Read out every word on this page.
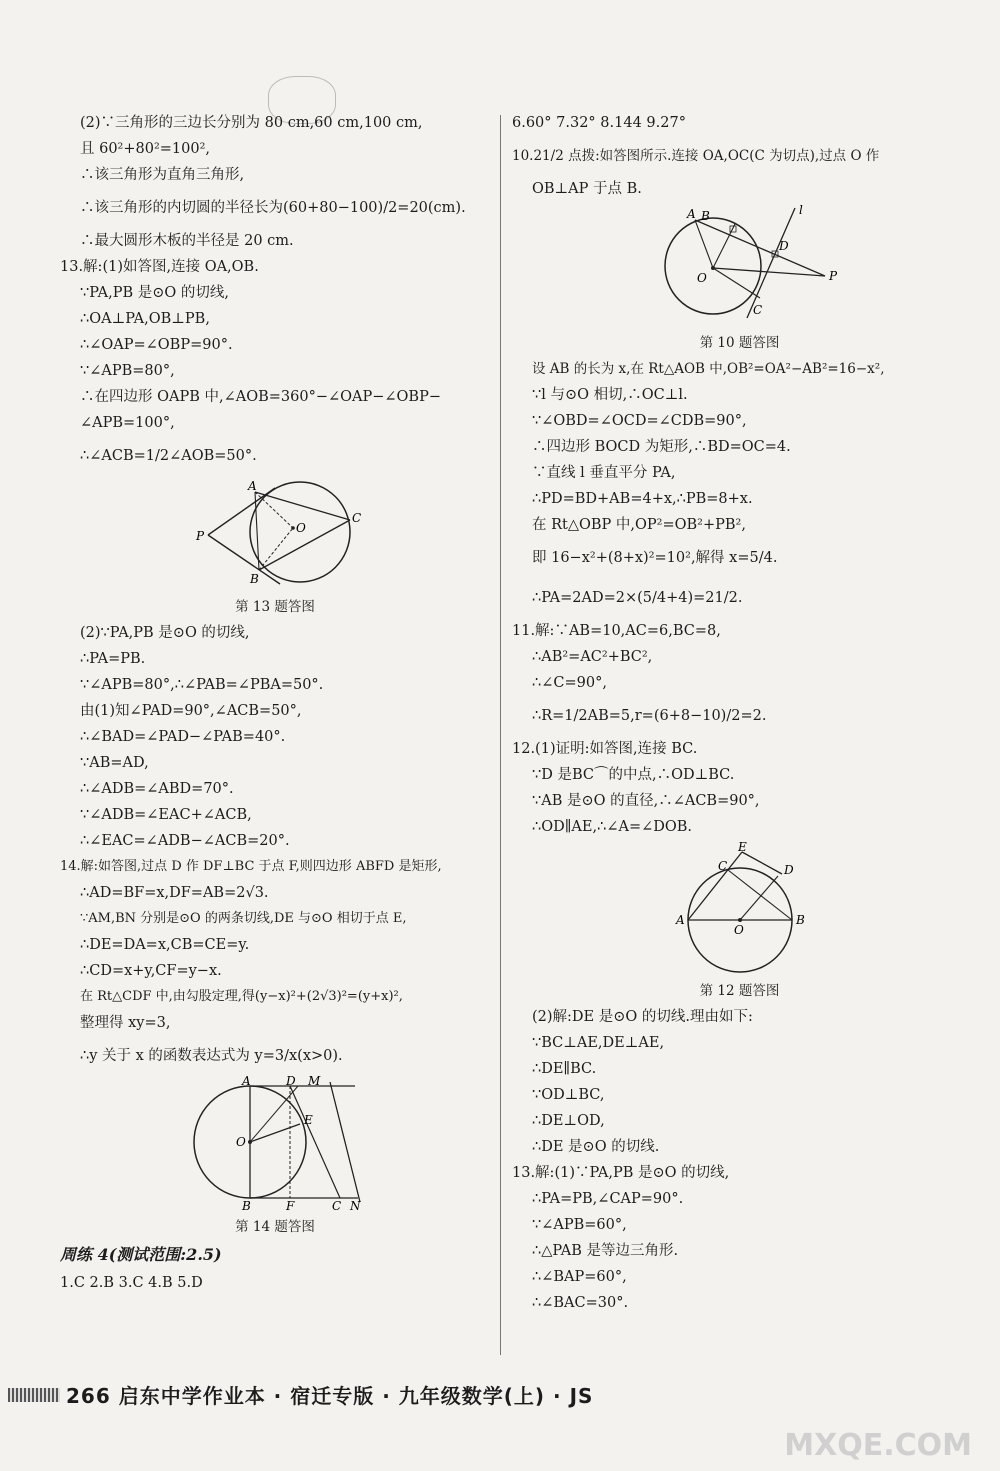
(2)∵三角形的三边长分别为 80 cm,60 cm,100 cm,
且 60²+80²=100²,
∴该三角形为直角三角形,
∴该三角形的内切圆的半径长为(60+80−100)/2=20(cm).
∴最大圆形木板的半径是 20 cm.
13.解:(1)如答图,连接 OA,OB.
∵PA,PB 是⊙O 的切线,
∴OA⊥PA,OB⊥PB,
∴∠OAP=∠OBP=90°.
∵∠APB=80°,
∴在四边形 OAPB 中,∠AOB=360°−∠OAP−∠OBP−
∠APB=100°,
∴∠ACB=1/2∠AOB=50°.
P
A
B
O
C
第 13 题答图
(2)∵PA,PB 是⊙O 的切线,
∴PA=PB.
∵∠APB=80°,∴∠PAB=∠PBA=50°.
由(1)知∠PAD=90°,∠ACB=50°,
∴∠BAD=∠PAD−∠PAB=40°.
∵AB=AD,
∴∠ADB=∠ABD=70°.
∵∠ADB=∠EAC+∠ACB,
∴∠EAC=∠ADB−∠ACB=20°.
14.解:如答图,过点 D 作 DF⊥BC 于点 F,则四边形 ABFD 是矩形,
∴AD=BF=x,DF=AB=2√3.
∵AM,BN 分别是⊙O 的两条切线,DE 与⊙O 相切于点 E,
∴DE=DA=x,CB=CE=y.
∴CD=x+y,CF=y−x.
在 Rt△CDF 中,由勾股定理,得(y−x)²+(2√3)²=(y+x)²,
整理得 xy=3,
∴y 关于 x 的函数表达式为 y=3/x(x>0).
A	D M
E
O
B	F	C N
第 14 题答图
周练 4(测试范围:2.5)
1.C 2.B 3.C 4.B 5.D
6.60° 7.32° 8.144 9.27°
10.21/2 点拨:如答图所示.连接 OA,OC(C 为切点),过点 O 作
OB⊥AP 于点 B.
A B	l
D
P
O
C
第 10 题答图
设 AB 的长为 x,在 Rt△AOB 中,OB²=OA²−AB²=16−x²,
∵l 与⊙O 相切,∴OC⊥l.
∵∠OBD=∠OCD=∠CDB=90°,
∴四边形 BOCD 为矩形,∴BD=OC=4.
∵直线 l 垂直平分 PA,
∴PD=BD+AB=4+x,∴PB=8+x.
在 Rt△OBP 中,OP²=OB²+PB²,
即 16−x²+(8+x)²=10²,解得 x=5/4.
∴PA=2AD=2×(5/4+4)=21/2.
11.解:∵AB=10,AC=6,BC=8,
∴AB²=AC²+BC²,
∴∠C=90°,
∴R=1/2AB=5,r=(6+8−10)/2=2.
12.(1)证明:如答图,连接 BC.
∵D 是BC⌒的中点,∴OD⊥BC.
∵AB 是⊙O 的直径,∴∠ACB=90°,
∴OD∥AE,∴∠A=∠DOB.
E
C	D
A
O
B
第 12 题答图
(2)解:DE 是⊙O 的切线.理由如下:
∵BC⊥AE,DE⊥AE,
∴DE∥BC.
∵OD⊥BC,
∴DE⊥OD,
∴DE 是⊙O 的切线.
13.解:(1)∵PA,PB 是⊙O 的切线,
∴PA=PB,∠CAP=90°.
∵∠APB=60°,
∴△PAB 是等边三角形.
∴∠BAP=60°,
∴∠BAC=30°.
266 启东中学作业本 · 宿迁专版 · 九年级数学(上) · JS
MXQE.COM
